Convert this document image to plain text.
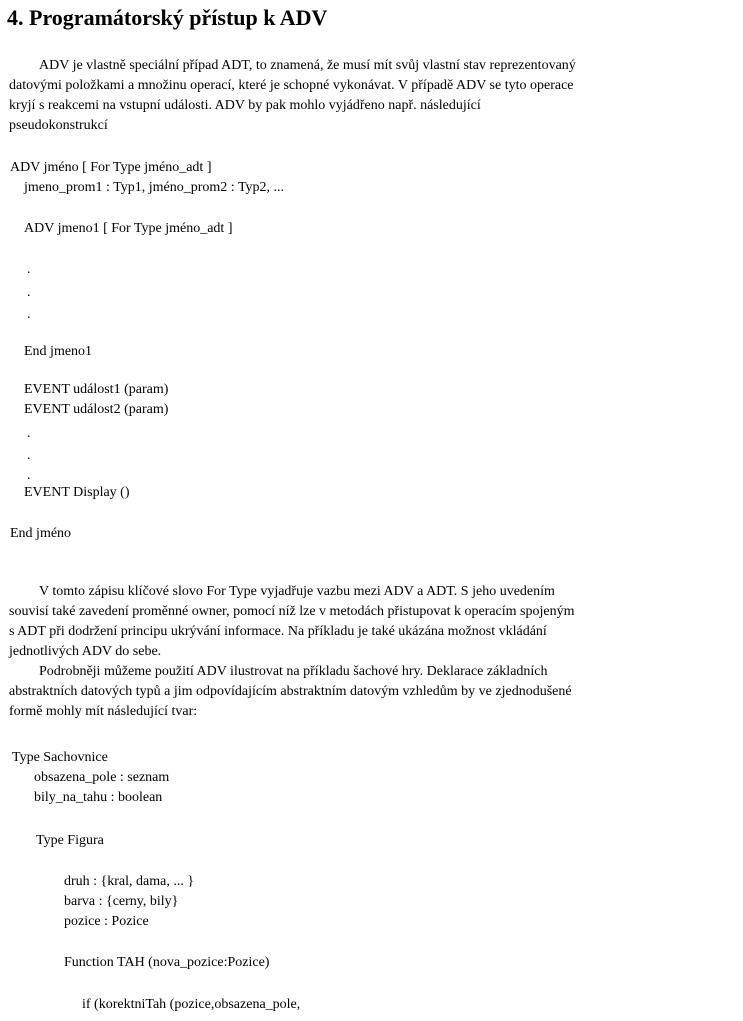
4. Programátorský přístup k ADV

ADV je vlastně speciální případ ADT, to znamená, že musí mít svůj vlastní stav reprezentovaný
datovými položkami a množinu operací, které je schopné vykonávat. V případě ADV se tyto operace
kryjí s reakcemi na vstupní události. ADV by pak mohlo vyjádřeno např. následující
pseudokonstrukcí

ADV jméno [ For Type jméno_adt ]
jmeno_prom1 : Typ1, jméno_prom2 : Typ2, ...
ADV jmeno1 [ For Type jméno_adt ]
.
.
.
End jmeno1
EVENT událost1 (param)
EVENT událost2 (param)
.
.
.
EVENT Display ()
End jméno

V tomto zápisu klíčové slovo For Type vyjadřuje vazbu mezi ADV a ADT. S jeho uvedením
souvisí také zavedení proměnné owner, pomocí níž lze v metodách přistupovat k operacím spojeným
s ADT při dodržení principu ukrývání informace. Na příkladu je také ukázána možnost vkládání
jednotlivých ADV do sebe.
Podrobněji můžeme použití ADV ilustrovat na příkladu šachové hry. Deklarace základních
abstraktních datových typů a jim odpovídajícím abstraktním datovým vzhledům by ve zjednodušené
formě mohly mít následující tvar:

Type Sachovnice
obsazena_pole : seznam
bily_na_tahu : boolean
Type Figura
druh : {kral, dama, ... }
barva : {cerny, bily}
pozice : Pozice
Function TAH (nova_pozice:Pozice)
if (korektniTah (pozice,obsazena_pole,
